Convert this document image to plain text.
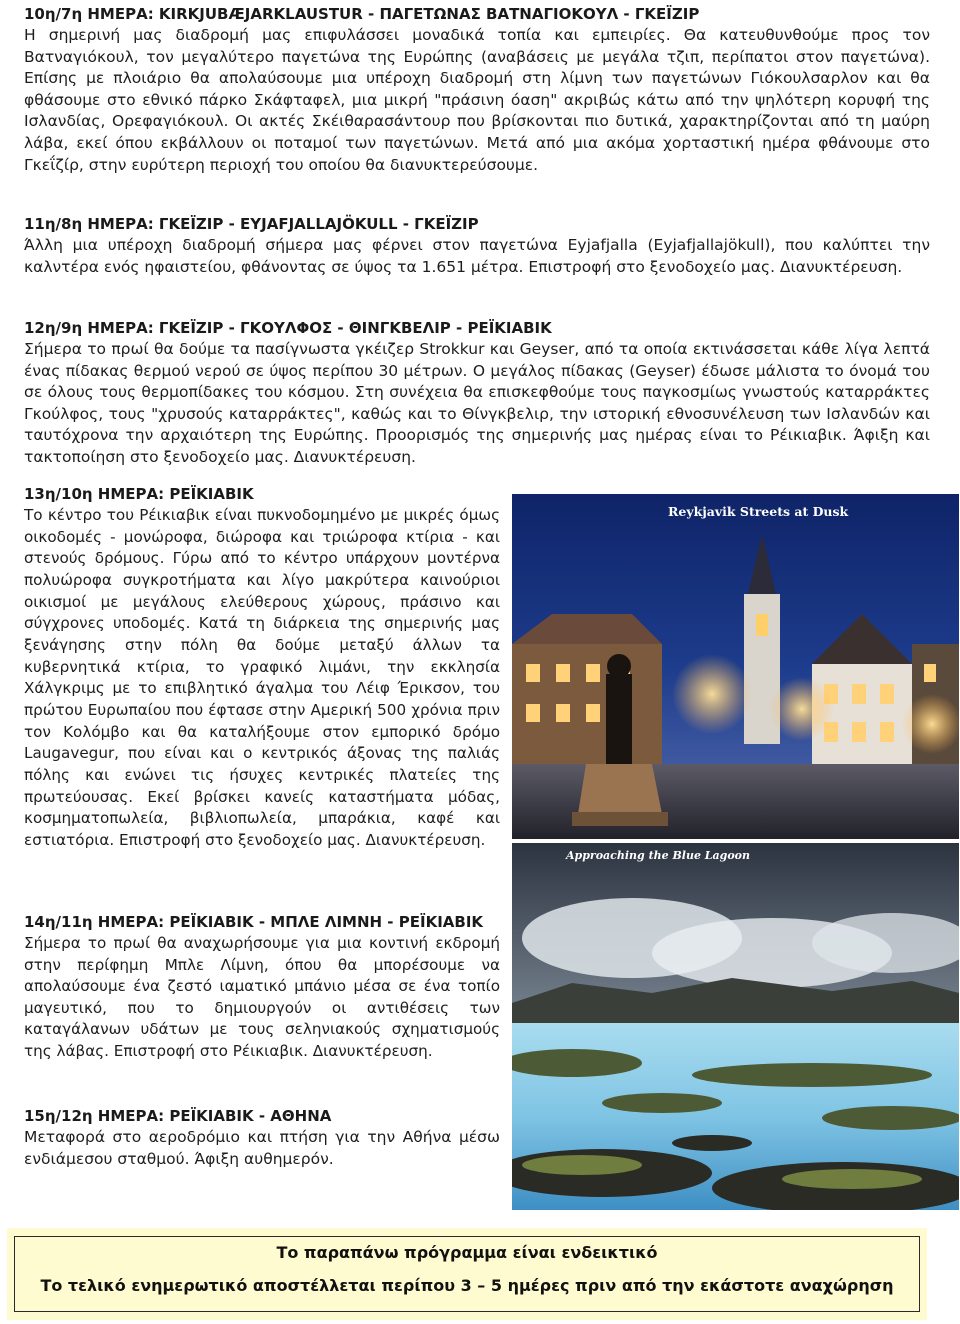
10η/7η ΗΜΕΡΑ: KIRKJUBÆJARKLAUSTUR - ΠΑΓΕΤΩΝΑΣ ΒΑΤΝΑΓΙΟΚΟΥΛ - ΓΚΕΪΖΙΡ
Η σημερινή μας διαδρομή μας επιφυλάσσει μοναδικά τοπία και εμπειρίες. Θα κατευθυνθούμε προς τον Βατναγιόκουλ, τον μεγαλύτερο παγετώνα της Ευρώπης (αναβάσεις με μεγάλα τζιπ, περίπατοι στον παγετώνα). Επίσης με πλοιάριο θα απολαύσουμε μια υπέροχη διαδρομή στη λίμνη των παγετώνων Γιόκουλσαρλον και θα φθάσουμε στο εθνικό πάρκο Σκάφταφελ, μια μικρή "πράσινη όαση" ακριβώς κάτω από την ψηλότερη κορυφή της Ισλανδίας, Ορεφαγιόκουλ. Οι ακτές Σκέιθαρασάντουρ που βρίσκονται πιο δυτικά, χαρακτηρίζονται από τη μαύρη λάβα, εκεί όπου εκβάλλουν οι ποταμοί των παγετώνων. Μετά από μια ακόμα χορταστική ημέρα φθάνουμε στο Γκεΐζίρ, στην ευρύτερη περιοχή του οποίου θα διανυκτερεύσουμε.
11η/8η ΗΜΕΡΑ: ΓΚΕΪΖΙΡ - EYJAFJALLAJÖKULL - ΓΚΕΪΖΙΡ
Άλλη μια υπέροχη διαδρομή σήμερα μας φέρνει στον παγετώνα Eyjafjalla (Eyjafjallajökull), που καλύπτει την καλντέρα ενός ηφαιστείου, φθάνοντας σε ύψος τα 1.651 μέτρα. Επιστροφή στο ξενοδοχείο μας. Διανυκτέρευση.
12η/9η ΗΜΕΡΑ: ΓΚΕΪΖΙΡ - ΓΚΟΥΛΦΟΣ - ΘΙΝΓΚΒΕΛΙΡ - ΡΕΪΚΙΑΒΙΚ
Σήμερα το πρωί θα δούμε τα πασίγνωστα γκέιζερ Strokkur και Geyser, από τα οποία εκτινάσσεται κάθε λίγα λεπτά ένας πίδακας θερμού νερού σε ύψος περίπου 30 μέτρων. Ο μεγάλος πίδακας (Geyser) έδωσε μάλιστα το όνομά του σε όλους τους θερμοπίδακες του κόσμου. Στη συνέχεια θα επισκεφθούμε τους παγκοσμίως γνωστούς καταρράκτες Γκούλφος, τους "χρυσούς καταρράκτες", καθώς και το Θίνγκβελιρ, την ιστορική εθνοσυνέλευση των Ισλανδών και ταυτόχρονα την αρχαιότερη της Ευρώπης. Προορισμός της σημερινής μας ημέρας είναι το Ρέικιαβικ. Άφιξη και τακτοποίηση στο ξενοδοχείο μας. Διανυκτέρευση.
13η/10η ΗΜΕΡΑ: ΡΕΪΚΙΑΒΙΚ
Το κέντρο του Ρέικιαβικ είναι πυκνοδομημένο με μικρές όμως οικοδομές - μονώροφα, διώροφα και τριώροφα κτίρια - και στενούς δρόμους. Γύρω από το κέντρο υπάρχουν μοντέρνα πολυώροφα συγκροτήματα και λίγο μακρύτερα καινούριοι οικισμοί με μεγάλους ελεύθερους χώρους, πράσινο και σύγχρονες υποδομές. Κατά τη διάρκεια της σημερινής μας ξενάγησης στην πόλη θα δούμε μεταξύ άλλων τα κυβερνητικά κτίρια, το γραφικό λιμάνι, την εκκλησία Χάλγκριμς με το επιβλητικό άγαλμα του Λέιφ Έρικσον, του πρώτου Ευρωπαίου που έφτασε στην Αμερική 500 χρόνια πριν τον Κολόμβο και θα καταλήξουμε στον εμπορικό δρόμο Laugavegur, που είναι και ο κεντρικός άξονας της παλιάς πόλης και ενώνει τις ήσυχες κεντρικές πλατείες της πρωτεύουσας. Εκεί βρίσκει κανείς καταστήματα μόδας, κοσμηματοπωλεία, βιβλιοπωλεία, μπαράκια, καφέ και εστιατόρια. Επιστροφή στο ξενοδοχείο μας. Διανυκτέρευση.
Reykjavik Streets at Dusk
Approaching the Blue Lagoon
14η/11η ΗΜΕΡΑ: ΡΕΪΚΙΑΒΙΚ - ΜΠΛΕ ΛΙΜΝΗ - ΡΕΪΚΙΑΒΙΚ
Σήμερα το πρωί θα αναχωρήσουμε για μια κοντινή εκδρομή στην περίφημη Μπλε Λίμνη, όπου θα μπορέσουμε να απολαύσουμε ένα ζεστό ιαματικό μπάνιο μέσα σε ένα τοπίο μαγευτικό, που το δημιουργούν οι αντιθέσεις των καταγάλανων υδάτων με τους σεληνιακούς σχηματισμούς της λάβας. Επιστροφή στο Ρέικιαβικ. Διανυκτέρευση.
15η/12η ΗΜΕΡΑ: ΡΕΪΚΙΑΒΙΚ - ΑΘΗΝΑ
Μεταφορά στο αεροδρόμιο και πτήση για την Αθήνα μέσω ενδιάμεσου σταθμού. Άφιξη αυθημερόν.
Το παραπάνω πρόγραμμα είναι ενδεικτικό
Το τελικό ενημερωτικό αποστέλλεται περίπου 3 – 5 ημέρες πριν από την εκάστοτε αναχώρηση
